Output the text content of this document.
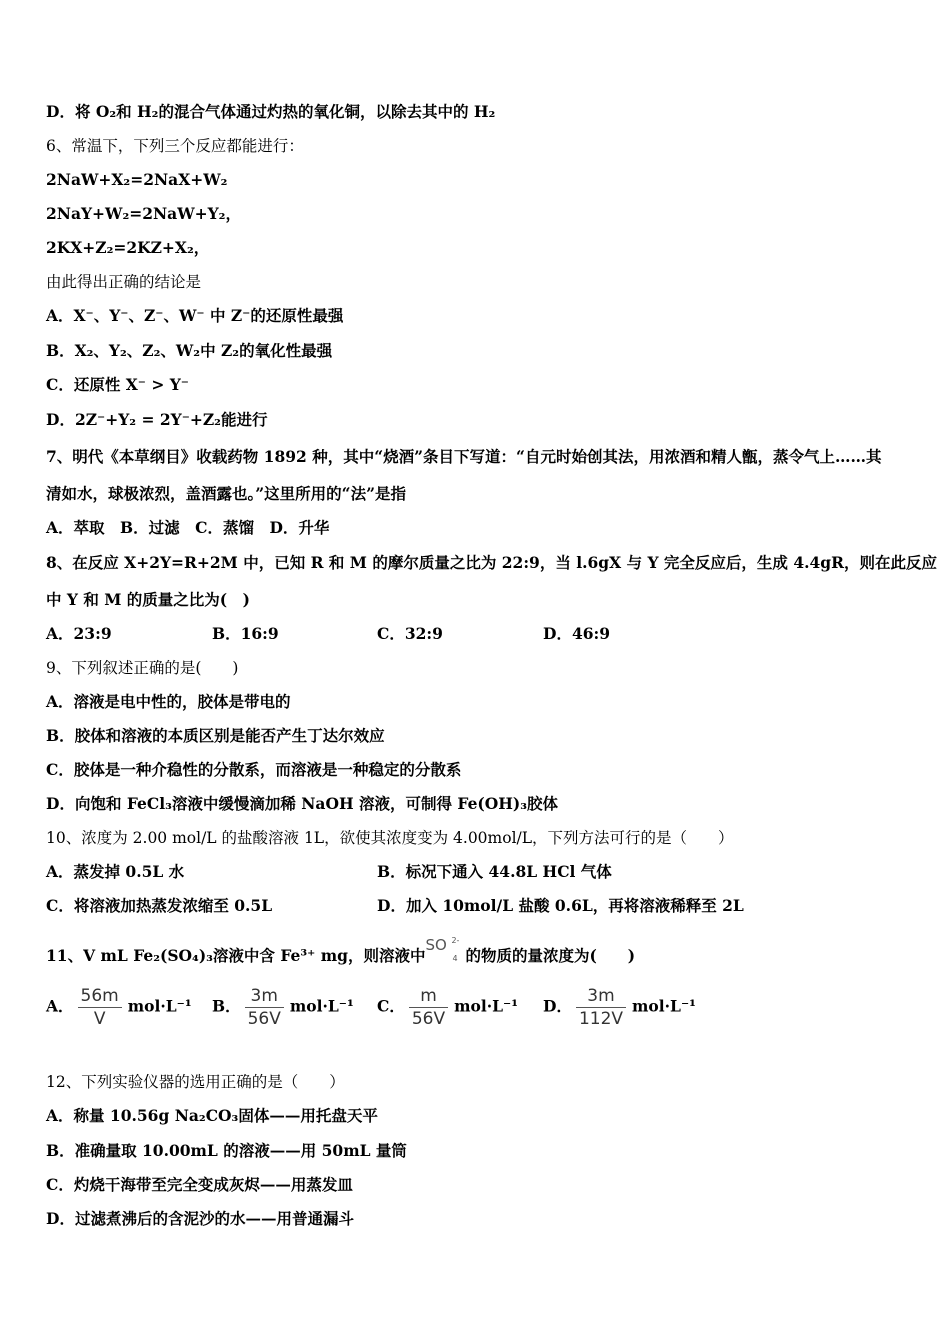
D．将 O₂和 H₂的混合气体通过灼热的氧化铜，以除去其中的 H₂
6、常温下，下列三个反应都能进行：
2NaW+X₂=2NaX+W₂
2NaY+W₂=2NaW+Y₂，
2KX+Z₂=2KZ+X₂，
由此得出正确的结论是
A．X⁻、Y⁻、Z⁻、W⁻ 中 Z⁻的还原性最强
B．X₂、Y₂、Z₂、W₂中 Z₂的氧化性最强
C．还原性 X⁻ > Y⁻
D．2Z⁻+Y₂ = 2Y⁻+Z₂能进行
7、明代《本草纲目》收载药物 1892 种，其中“烧酒”条目下写道：“自元时始创其法，用浓酒和精人甑，蒸令气上……其
清如水，球极浓烈，盖酒露也。”这里所用的“法”是指
A．萃取　B．过滤　C．蒸馏　D．升华
8、在反应 X+2Y=R+2M 中，已知 R 和 M 的摩尔质量之比为 22:9，当 l.6gX 与 Y 完全反应后，生成 4.4gR，则在此反应
中 Y 和 M 的质量之比为(　)
A．23:9	B．16:9	C．32:9	D．46:9
9、下列叙述正确的是(　　)
A．溶液是电中性的，胶体是带电的
B．胶体和溶液的本质区别是能否产生丁达尔效应
C．胶体是一种介稳性的分散系，而溶液是一种稳定的分散系
D．向饱和 FeCl₃溶液中缓慢滴加稀 NaOH 溶液，可制得 Fe(OH)₃胶体
10、浓度为 2.00 mol/L 的盐酸溶液 1L，欲使其浓度变为 4.00mol/L，下列方法可行的是（　　）
A．蒸发掉 0.5L 水	B．标况下通入 44.8L HCl 气体
C．将溶液加热蒸发浓缩至 0.5L	D．加入 10mol/L 盐酸 0.6L，再将溶液稀释至 2L
11、V mL Fe₂(SO₄)₃溶液中含 Fe³⁺ mg，则溶液中
SO 2-
4 的物质的量浓度为(　　)
A． $\frac{56m}{V} mol\cdot L^{-1}$ B． $\frac{3m}{56V} mol\cdot L^{-1}$ C． $\frac{m}{56V} mol\cdot L^{-1}$ D． $\frac{3m}{112V} mol\cdot L^{-1}$
12、下列实验仪器的选用正确的是（　　）
A．称量 10.56g Na₂CO₃固体——用托盘天平
B．准确量取 10.00mL 的溶液——用 50mL 量筒
C．灼烧干海带至完全变成灰烬——用蒸发皿
D．过滤煮沸后的含泥沙的水——用普通漏斗
